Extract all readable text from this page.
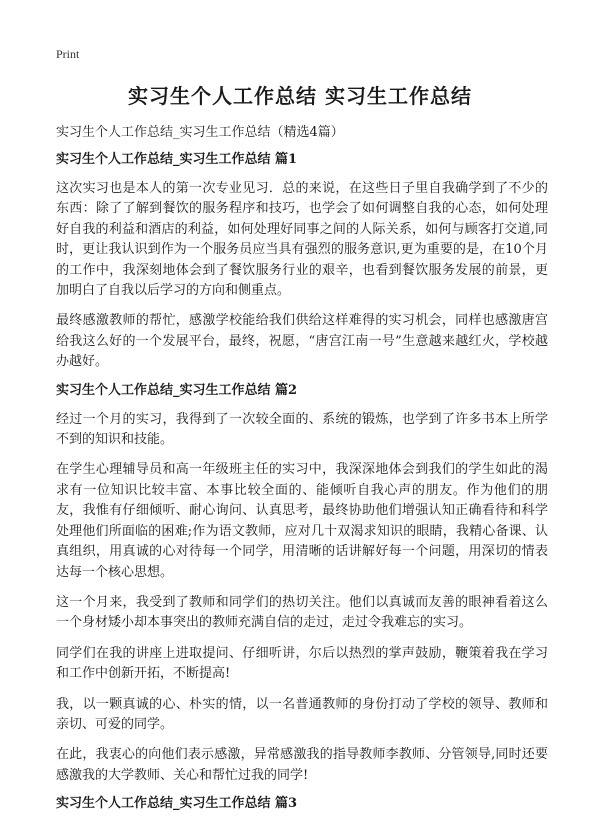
Print
实习生个人工作总结 实习生工作总结

实习生个人工作总结_实习生工作总结（精选4篇）

实习生个人工作总结_实习生工作总结 篇1

这次实习也是本人的第一次专业见习．总的来说，在这些日子里自我确学到了不少的东西：除了了解到餐饮的服务程序和技巧，也学会了如何调整自我的心态，如何处理好自我的利益和酒店的利益，如何处理好同事之间的人际关系，如何与顾客打交道,同时，更让我认识到作为一个服务员应当具有强烈的服务意识,更为重要的是，在10个月的工作中，我深刻地体会到了餐饮服务行业的艰辛，也看到餐饮服务发展的前景，更加明白了自我以后学习的方向和侧重点。

最终感激教师的帮忙，感激学校能给我们供给这样难得的实习机会，同样也感激唐宫给我这么好的一个发展平台，最终，祝愿，“唐宫江南一号”生意越来越红火，学校越办越好。

实习生个人工作总结_实习生工作总结 篇2

经过一个月的实习，我得到了一次较全面的、系统的锻炼，也学到了许多书本上所学不到的知识和技能。

在学生心理辅导员和高一年级班主任的实习中，我深深地体会到我们的学生如此的渴求有一位知识比较丰富、本事比较全面的、能倾听自我心声的朋友。作为他们的朋友，我惟有仔细倾听、耐心询问、认真思考，最终协助他们增强认知正确看待和科学处理他们所面临的困难;作为语文教师，应对几十双渴求知识的眼睛，我精心备课、认真组织，用真诚的心对待每一个同学，用清晰的话讲解好每一个问题，用深切的情表达每一个核心思想。

这一个月来，我受到了教师和同学们的热切关注。他们以真诚而友善的眼神看着这么一个身材矮小却本事突出的教师充满自信的走过，走过令我难忘的实习。

同学们在我的讲座上进取提问、仔细听讲，尔后以热烈的掌声鼓励，鞭策着我在学习和工作中创新开拓，不断提高!

我，以一颗真诚的心、朴实的情，以一名普通教师的身份打动了学校的领导、教师和亲切、可爱的同学。

在此，我衷心的向他们表示感激，异常感激我的指导教师李教师、分管领导,同时还要感激我的大学教师、关心和帮忙过我的同学!

实习生个人工作总结_实习生工作总结 篇3
